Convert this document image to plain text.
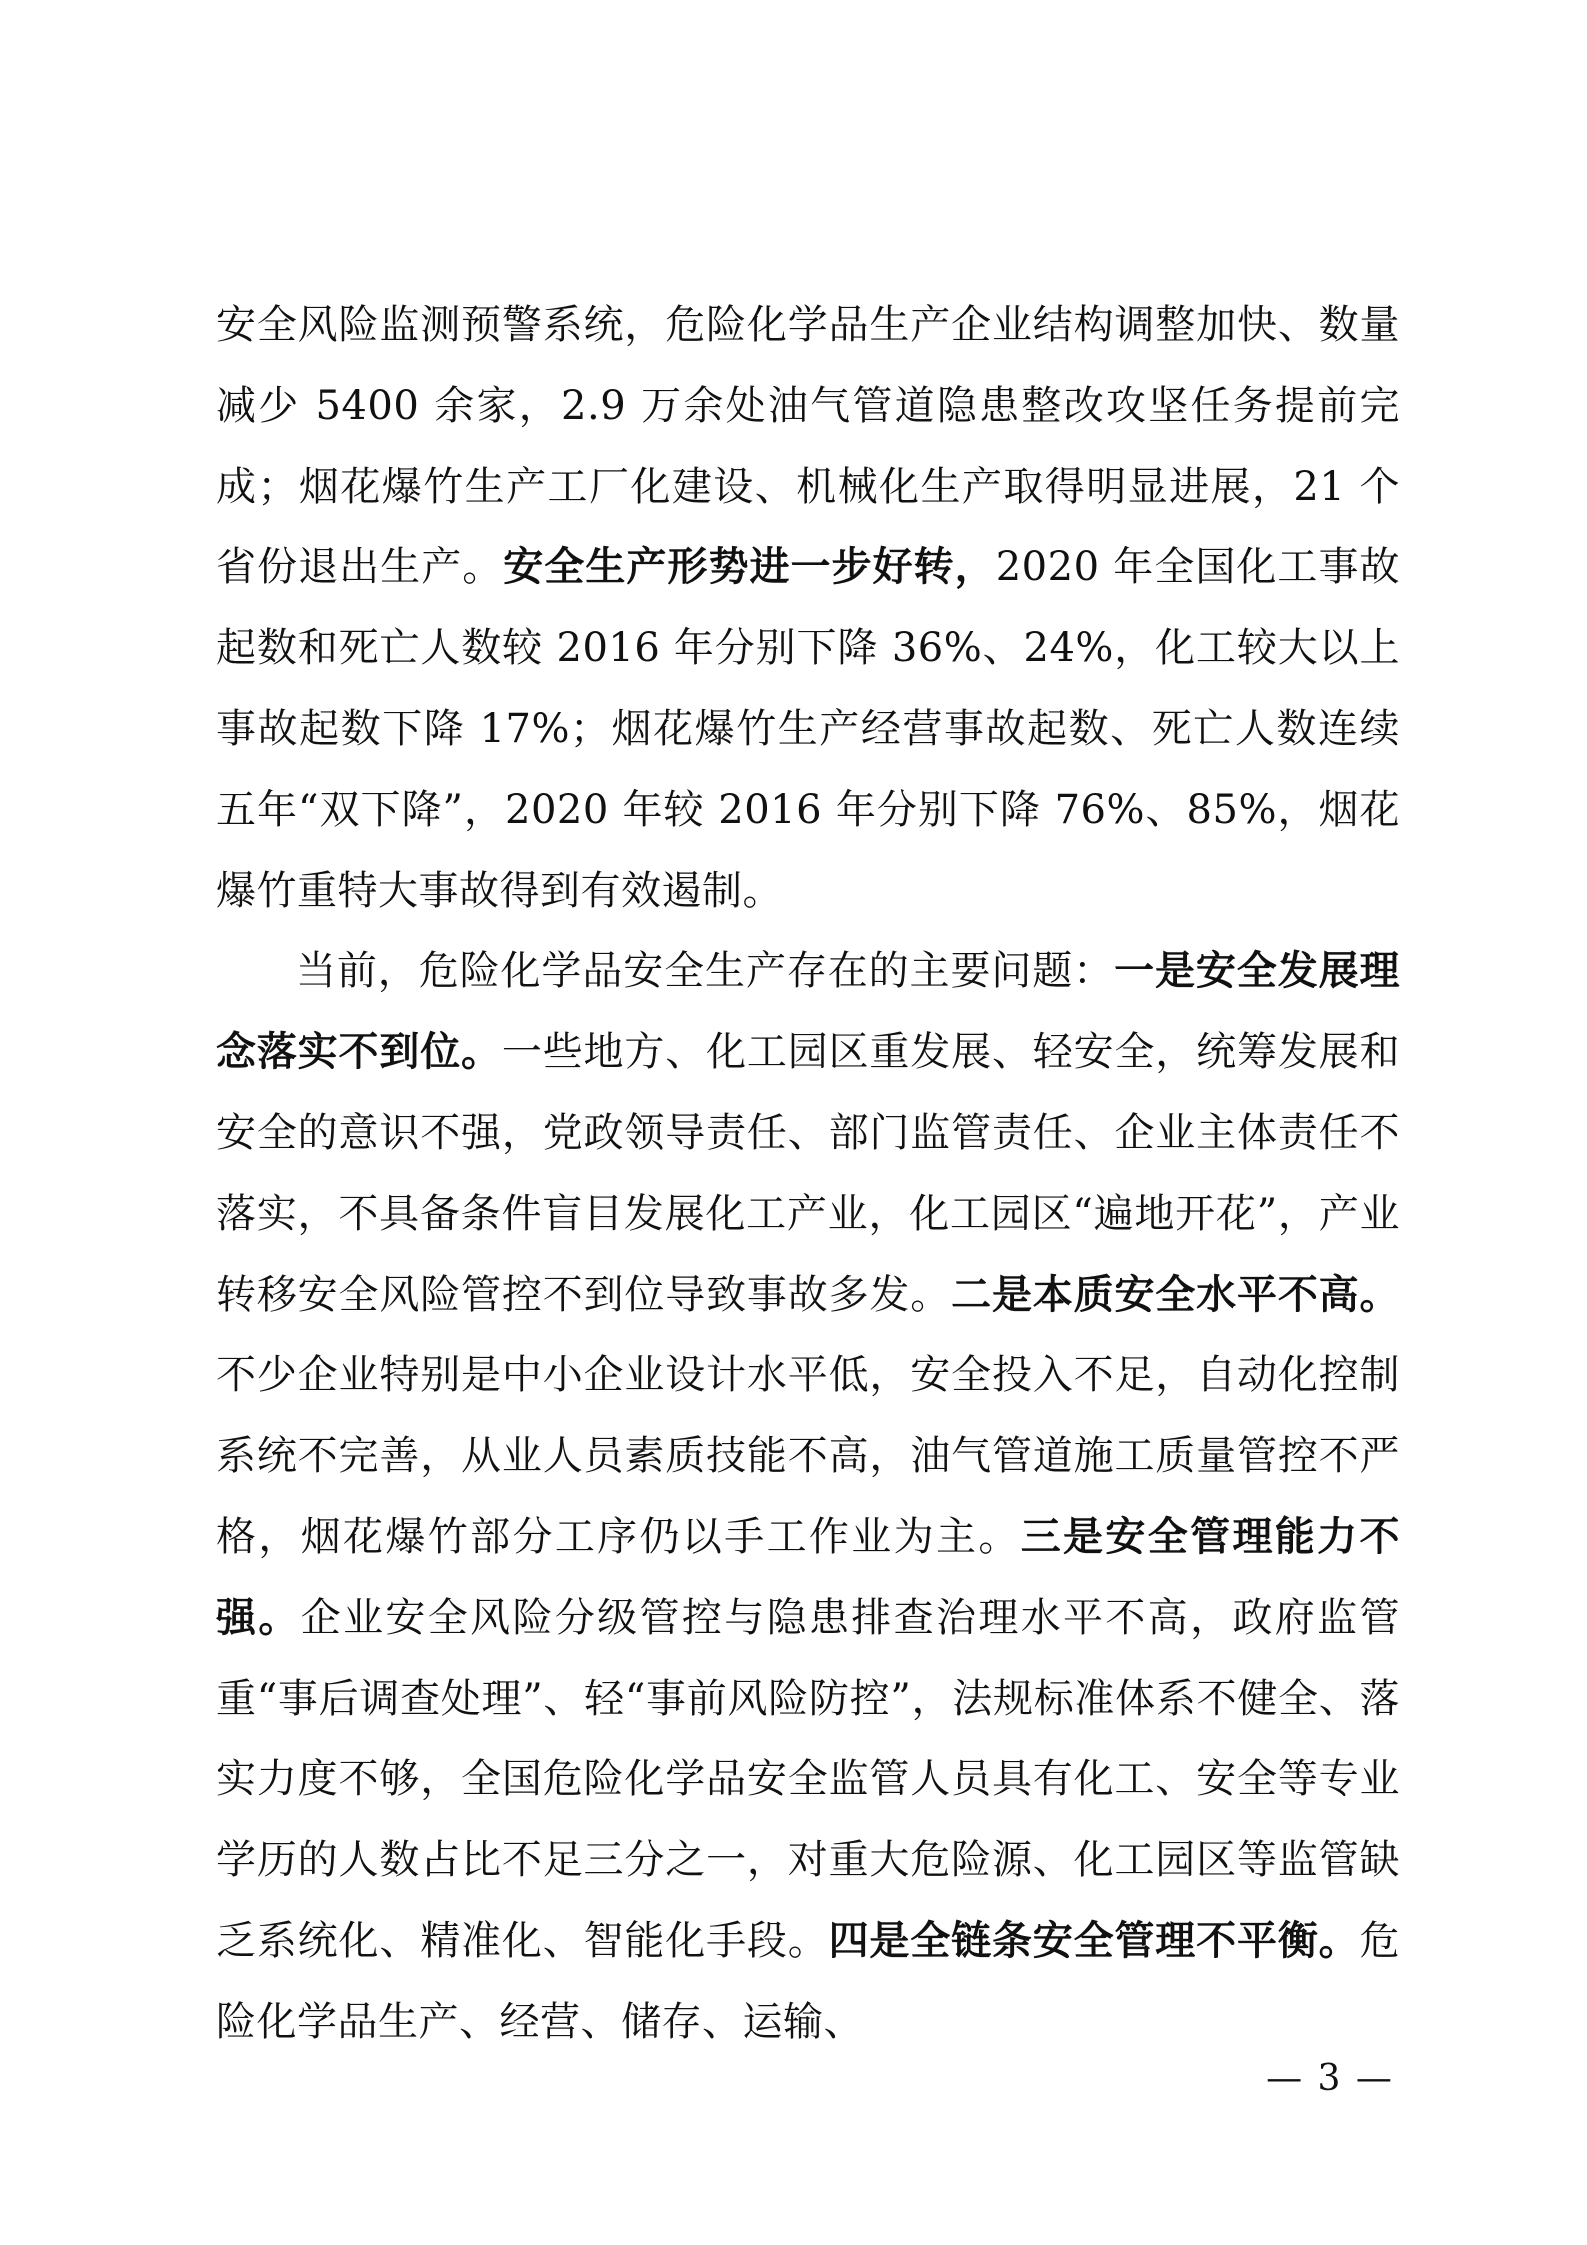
安全风险监测预警系统，危险化学品生产企业结构调整加快、数量减少 5400 余家，2.9 万余处油气管道隐患整改攻坚任务提前完成；烟花爆竹生产工厂化建设、机械化生产取得明显进展，21 个省份退出生产。安全生产形势进一步好转，2020 年全国化工事故起数和死亡人数较 2016 年分别下降 36%、24%，化工较大以上事故起数下降 17%；烟花爆竹生产经营事故起数、死亡人数连续五年“双下降”，2020 年较 2016 年分别下降 76%、85%，烟花爆竹重特大事故得到有效遏制。

当前，危险化学品安全生产存在的主要问题：一是安全发展理念落实不到位。一些地方、化工园区重发展、轻安全，统筹发展和安全的意识不强，党政领导责任、部门监管责任、企业主体责任不落实，不具备条件盲目发展化工产业，化工园区“遍地开花”，产业转移安全风险管控不到位导致事故多发。二是本质安全水平不高。不少企业特别是中小企业设计水平低，安全投入不足，自动化控制系统不完善，从业人员素质技能不高，油气管道施工质量管控不严格，烟花爆竹部分工序仍以手工作业为主。三是安全管理能力不强。企业安全风险分级管控与隐患排查治理水平不高，政府监管重“事后调查处理”、轻“事前风险防控”，法规标准体系不健全、落实力度不够，全国危险化学品安全监管人员具有化工、安全等专业学历的人数占比不足三分之一，对重大危险源、化工园区等监管缺乏系统化、精准化、智能化手段。四是全链条安全管理不平衡。危险化学品生产、经营、储存、运输、

— 3 —
